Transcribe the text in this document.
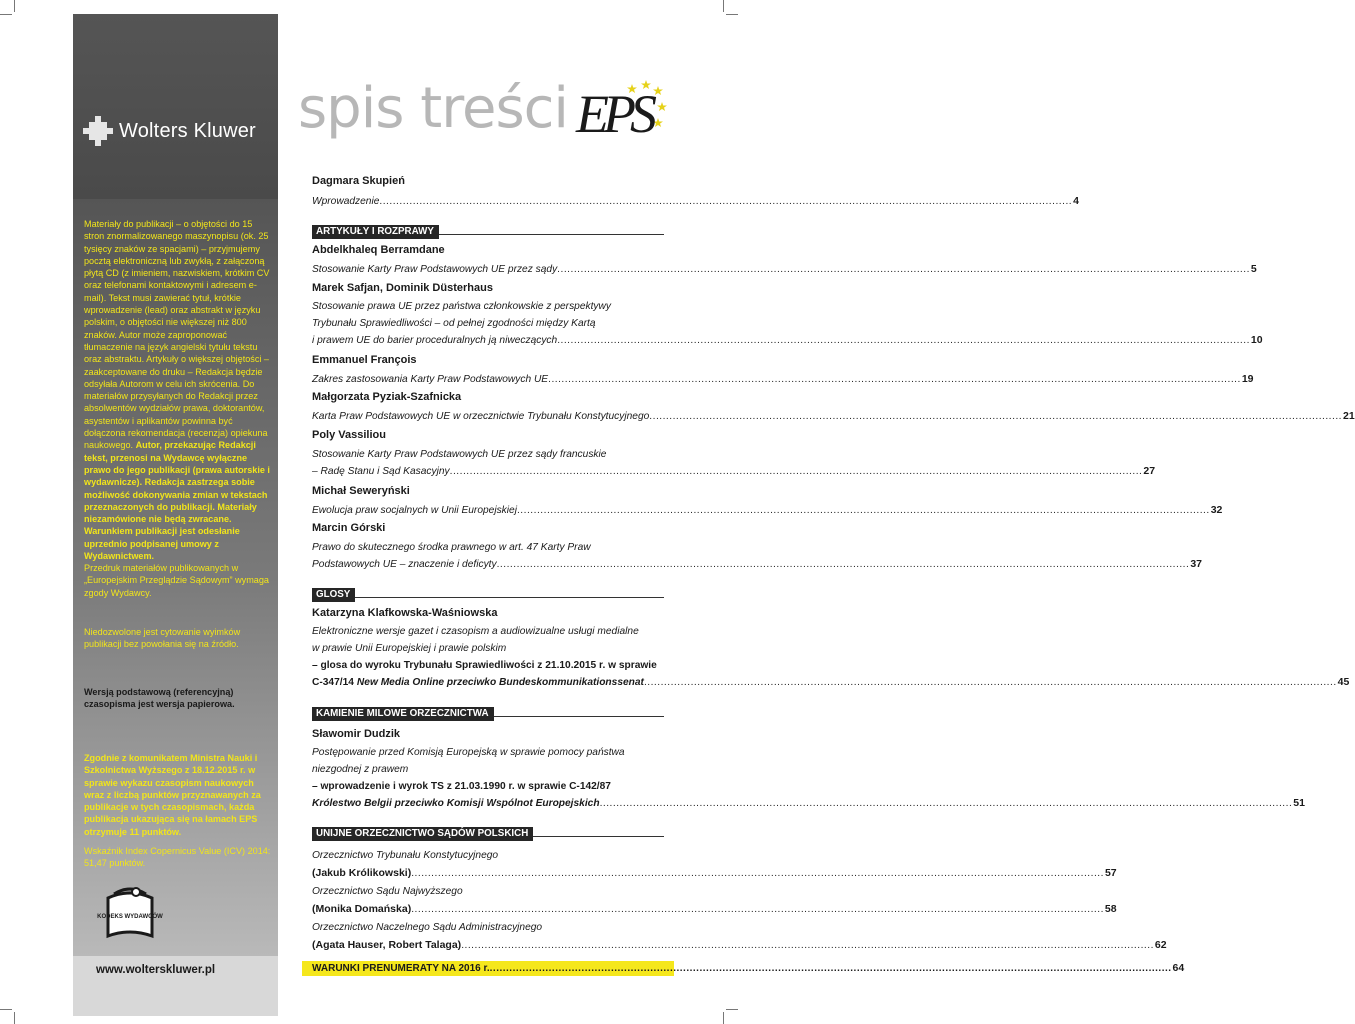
Wolters Kluwer
Materiały do publikacji – o objętości do 15 stron znormalizowanego maszynopisu (ok. 25 tysięcy znaków ze spacjami) – przyjmujemy pocztą elektroniczną lub zwykłą, z załączoną płytą CD (z imieniem, nazwiskiem, krótkim CV oraz telefonami kontaktowymi i adresem e-mail). Tekst musi zawierać tytuł, krótkie wprowadzenie (lead) oraz abstrakt w języku polskim, o objętości nie większej niż 800 znaków. Autor może zaproponować tłumaczenie na język angielski tytułu tekstu oraz abstraktu. Artykuły o większej objętości – zaakceptowane do druku – Redakcja będzie odsyłała Autorom w celu ich skrócenia. Do materiałów przysyłanych do Redakcji przez absolwentów wydziałów prawa, doktorantów, asystentów i aplikantów powinna być dołączona rekomendacja (recenzja) opiekuna naukowego. Autor, przekazując Redakcji tekst, przenosi na Wydawcę wyłączne prawo do jego publikacji (prawa autorskie i wydawnicze). Redakcja zastrzega sobie możliwość dokonywania zmian w tekstach przeznaczonych do publikacji. Materiały niezamówione nie będą zwracane. Warunkiem publikacji jest odesłanie uprzednio podpisanej umowy z Wydawnictwem.
Przedruk materiałów publikowanych w „Europejskim Przeglądzie Sądowym” wymaga zgody Wydawcy.
Niedozwolone jest cytowanie wyimków publikacji bez powołania się na źródło.
Wersją podstawową (referencyjną) czasopisma jest wersja papierowa.
Zgodnie z komunikatem Ministra Nauki i Szkolnictwa Wyższego z 18.12.2015 r. w sprawie wykazu czasopism naukowych wraz z liczbą punktów przyznawanych za publikacje w tych czasopismach, każda publikacja ukazująca się na łamach EPS otrzymuje 11 punktów.
Wskaźnik Index Copernicus Value (ICV) 2014: 51,47 punktów.
KODEKS WYDAWCÓW
www.wolterskluwer.pl
spis treści EPS
Dagmara Skupień
Wprowadzenie .....	4
ARTYKUŁY I ROZPRAWY
Abdelkhaleq Berramdane
Stosowanie Karty Praw Podstawowych UE przez sądy .....	5
Marek Safjan, Dominik Düsterhaus
Stosowanie prawa UE przez państwa członkowskie z perspektywy
Trybunału Sprawiedliwości – od pełnej zgodności między Kartą
i prawem UE do barier proceduralnych ją niweczących .....	10
Emmanuel François
Zakres zastosowania Karty Praw Podstawowych UE .....	19
Małgorzata Pyziak-Szafnicka
Karta Praw Podstawowych UE w orzecznictwie Trybunału Konstytucyjnego .....	21
Poly Vassiliou
Stosowanie Karty Praw Podstawowych UE przez sądy francuskie
– Radę Stanu i Sąd Kasacyjny .....	27
Michał Seweryński
Ewolucja praw socjalnych w Unii Europejskiej .....	32
Marcin Górski
Prawo do skutecznego środka prawnego w art. 47 Karty Praw
Podstawowych UE – znaczenie i deficyty .....	37
GLOSY
Katarzyna Klafkowska-Waśniowska
Elektroniczne wersje gazet i czasopism a audiowizualne usługi medialne
w prawie Unii Europejskiej i prawie polskim
– glosa do wyroku Trybunału Sprawiedliwości z 21.10.2015 r. w sprawie
C-347/14 New Media Online przeciwko Bundeskommunikationssenat .....	45
KAMIENIE MILOWE ORZECZNICTWA
Sławomir Dudzik
Postępowanie przed Komisją Europejską w sprawie pomocy państwa
niezgodnej z prawem
– wprowadzenie i wyrok TS z 21.03.1990 r. w sprawie C-142/87
Królestwo Belgii przeciwko Komisji Wspólnot Europejskich .....	51
UNIJNE ORZECZNICTWO SĄDÓW POLSKICH
Orzecznictwo Trybunału Konstytucyjnego
(Jakub Królikowski) .....	57
Orzecznictwo Sądu Najwyższego
(Monika Domańska) .....	58
Orzecznictwo Naczelnego Sądu Administracyjnego
(Agata Hauser, Robert Talaga) .....	62
WARUNKI PRENUMERATY NA 2016 r. .....	64
